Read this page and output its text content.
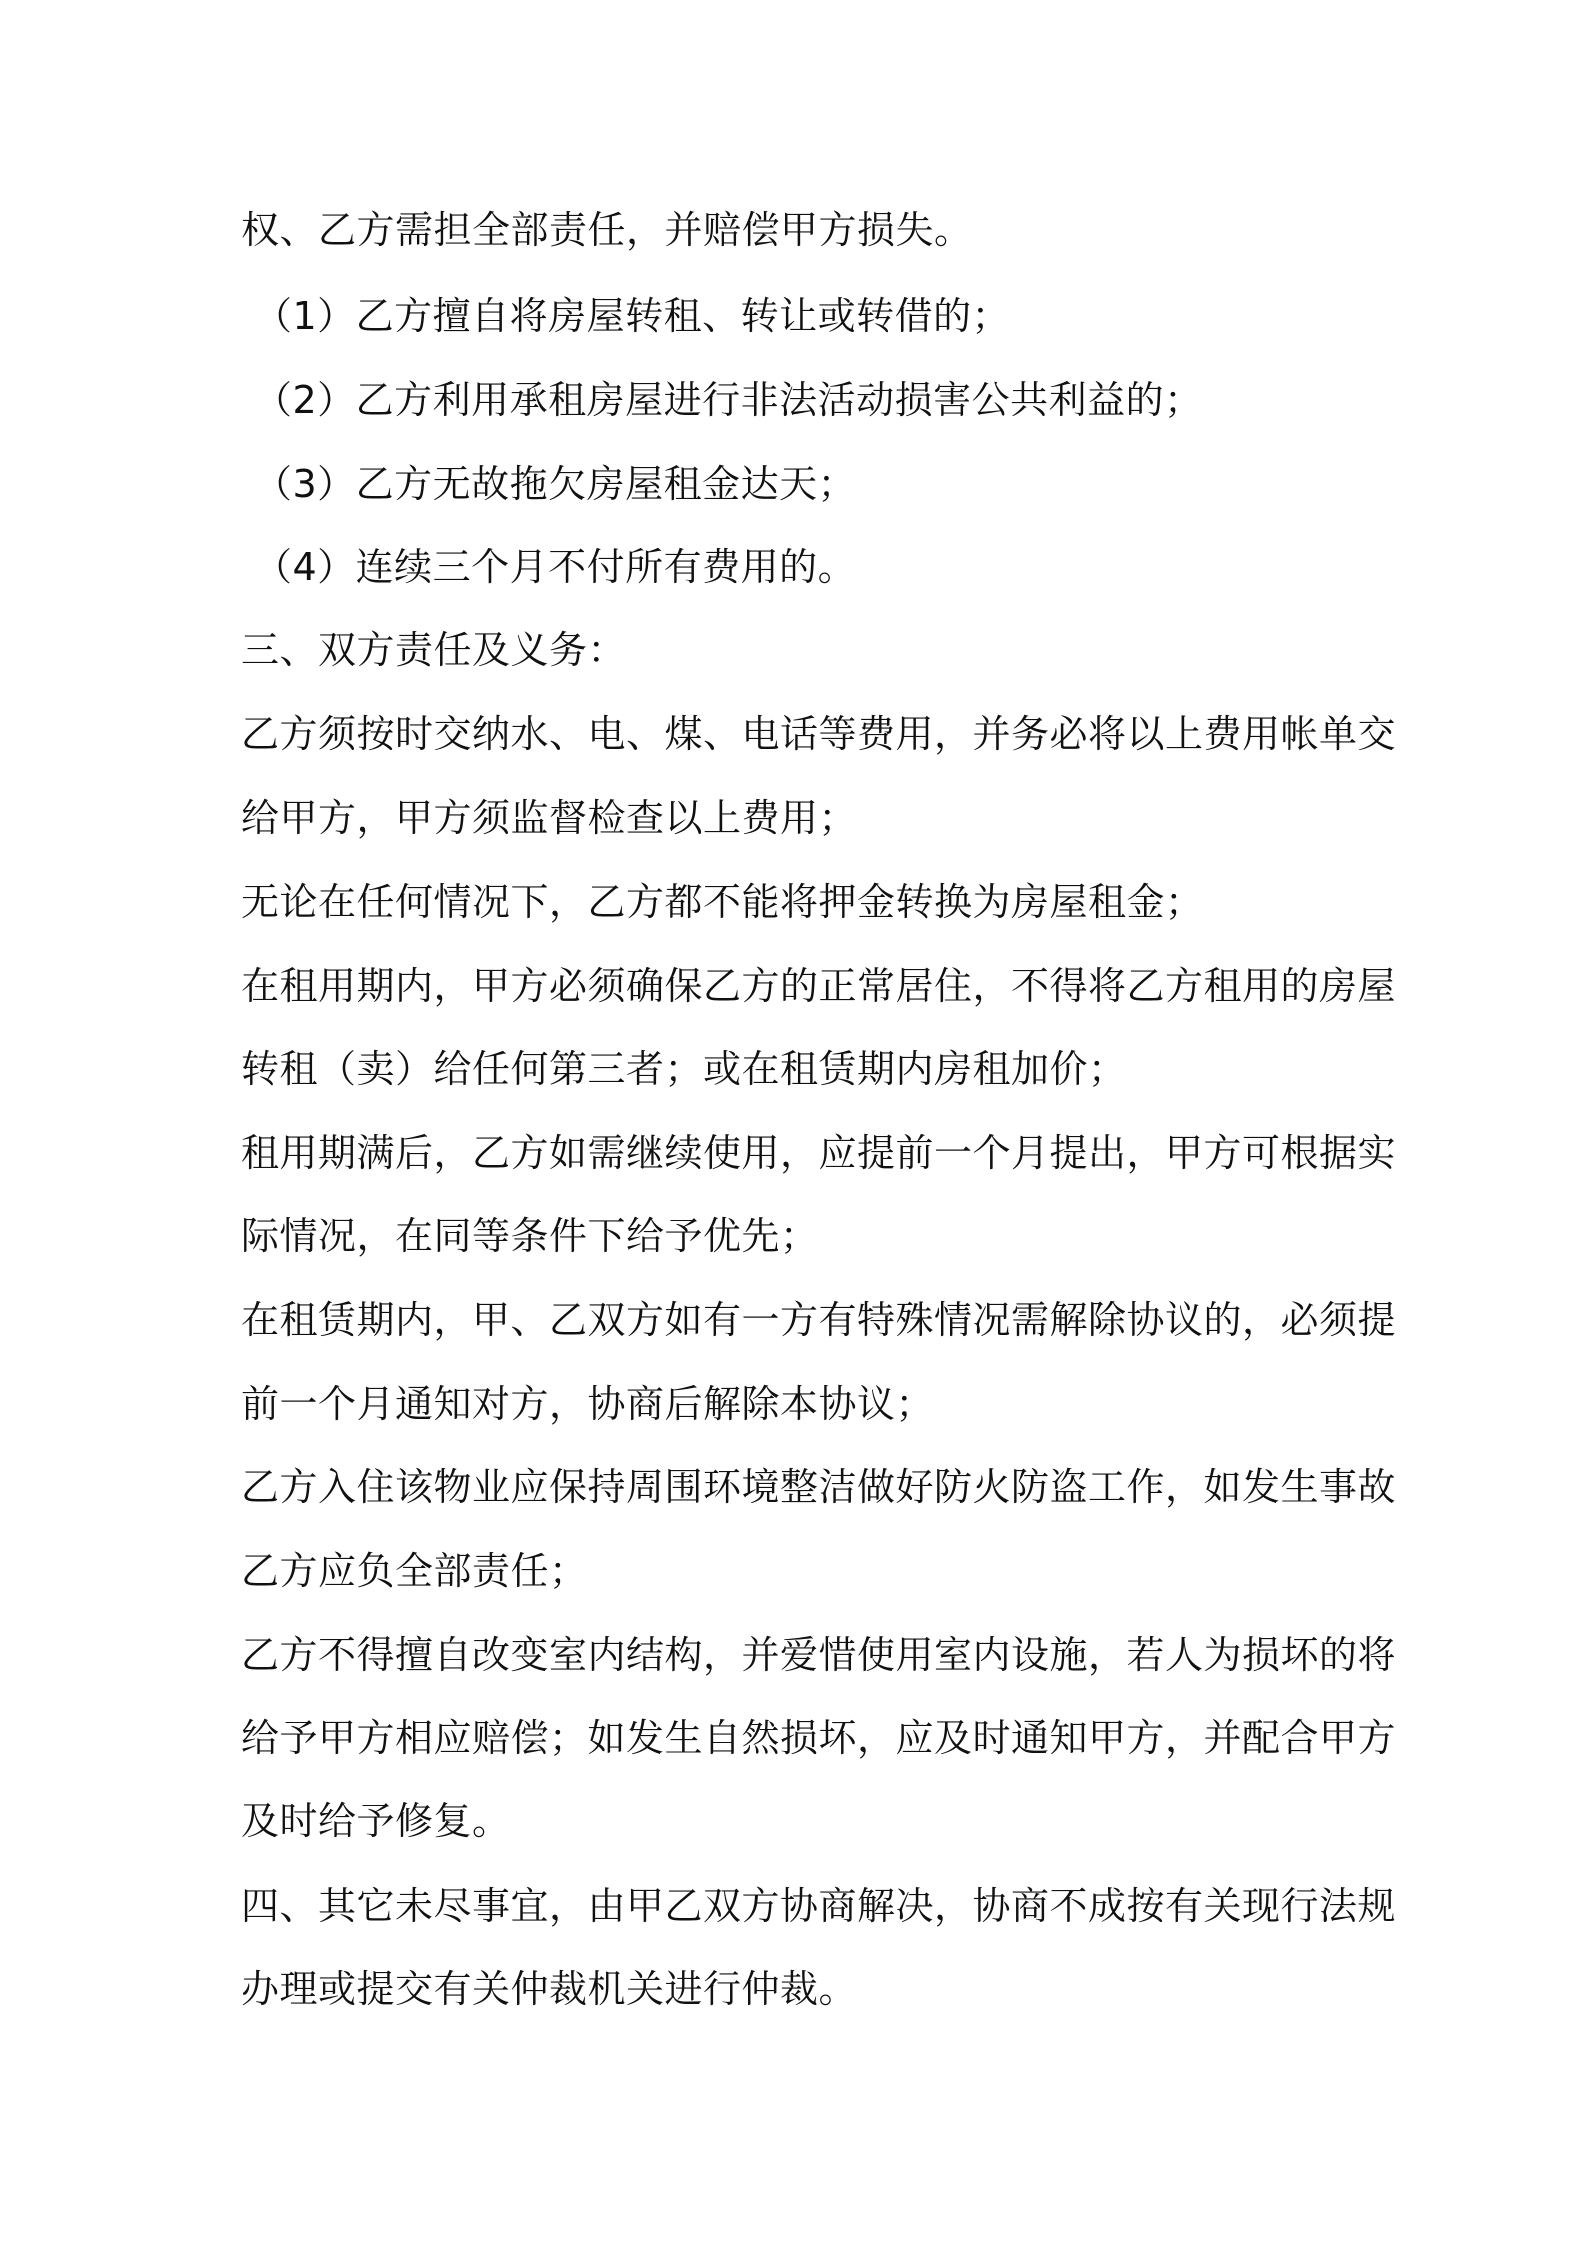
权、乙方需担全部责任，并赔偿甲方损失。
（1）乙方擅自将房屋转租、转让或转借的；
（2）乙方利用承租房屋进行非法活动损害公共利益的；
（3）乙方无故拖欠房屋租金达天；
（4）连续三个月不付所有费用的。
三、双方责任及义务：
乙方须按时交纳水、电、煤、电话等费用，并务必将以上费用帐单交
给甲方，甲方须监督检查以上费用；
无论在任何情况下，乙方都不能将押金转换为房屋租金；
在租用期内，甲方必须确保乙方的正常居住，不得将乙方租用的房屋
转租（卖）给任何第三者；或在租赁期内房租加价；
租用期满后，乙方如需继续使用，应提前一个月提出，甲方可根据实
际情况，在同等条件下给予优先；
在租赁期内，甲、乙双方如有一方有特殊情况需解除协议的，必须提
前一个月通知对方，协商后解除本协议；
乙方入住该物业应保持周围环境整洁做好防火防盗工作，如发生事故
乙方应负全部责任；
乙方不得擅自改变室内结构，并爱惜使用室内设施，若人为损坏的将
给予甲方相应赔偿；如发生自然损坏，应及时通知甲方，并配合甲方
及时给予修复。
四、其它未尽事宜，由甲乙双方协商解决，协商不成按有关现行法规
办理或提交有关仲裁机关进行仲裁。
